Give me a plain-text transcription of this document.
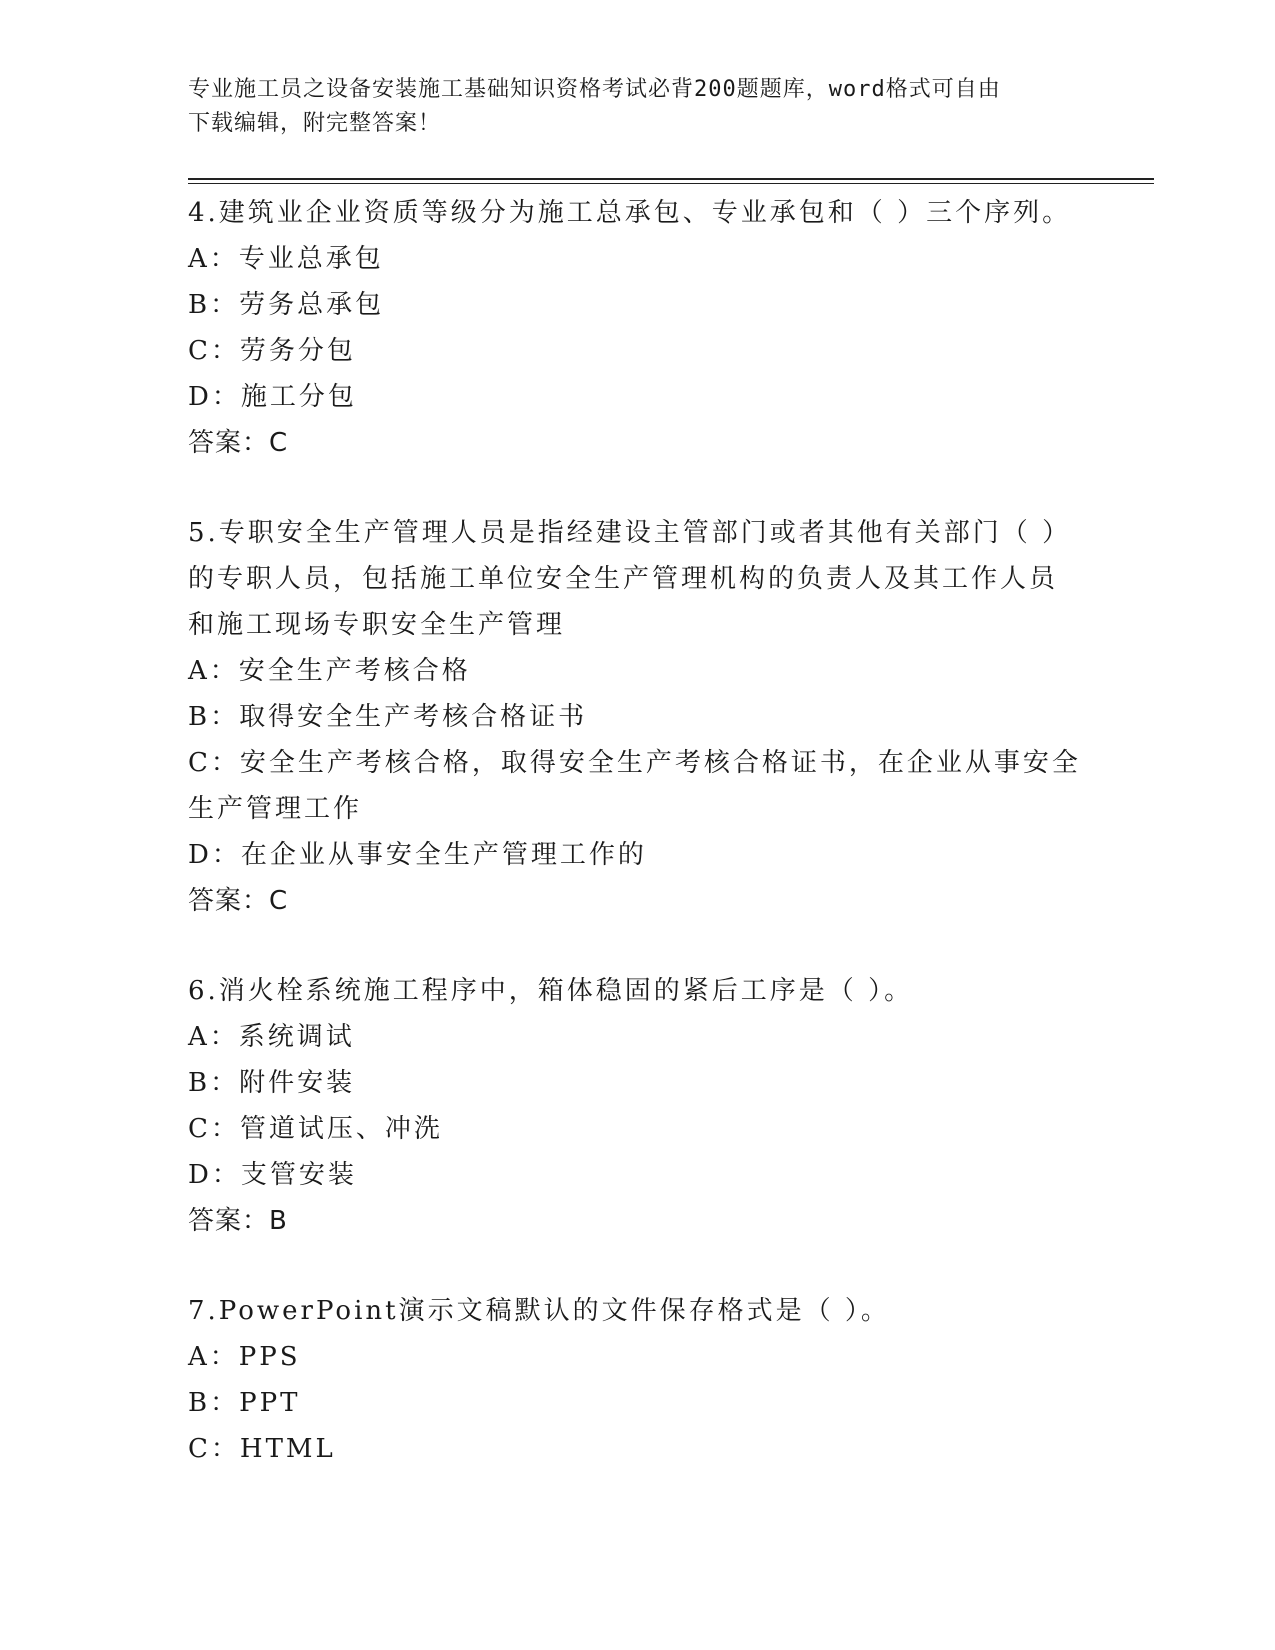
专业施工员之设备安装施工基础知识资格考试必背200题题库，word格式可自由
下载编辑，附完整答案！
4.建筑业企业资质等级分为施工总承包、专业承包和（ ）三个序列。
A：专业总承包
B：劳务总承包
C：劳务分包
D：施工分包
答案：C
5.专职安全生产管理人员是指经建设主管部门或者其他有关部门（ ）
的专职人员，包括施工单位安全生产管理机构的负责人及其工作人员
和施工现场专职安全生产管理
A：安全生产考核合格
B：取得安全生产考核合格证书
C：安全生产考核合格，取得安全生产考核合格证书，在企业从事安全
生产管理工作
D：在企业从事安全生产管理工作的
答案：C
6.消火栓系统施工程序中，箱体稳固的紧后工序是（ ）。
A：系统调试
B：附件安装
C：管道试压、冲洗
D：支管安装
答案：B
7.PowerPoint演示文稿默认的文件保存格式是（ ）。
A：PPS
B：PPT
C：HTML
